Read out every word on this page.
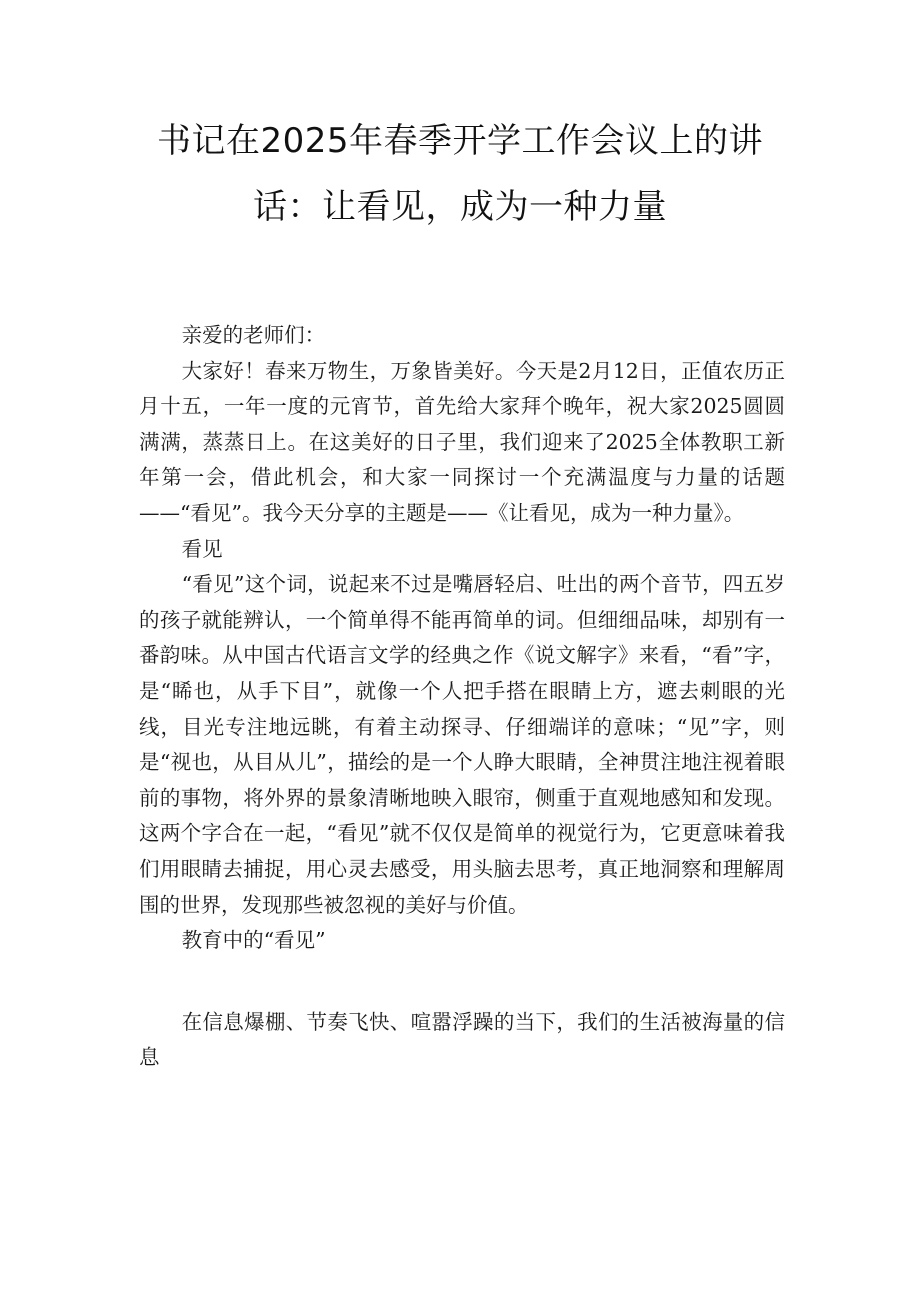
书记在2025年春季开学工作会议上的讲
话：让看见，成为一种力量

亲爱的老师们：

大家好！春来万物生，万象皆美好。今天是2月12日，正值农历正月十五，一年一度的元宵节，首先给大家拜个晚年，祝大家2025圆圆满满，蒸蒸日上。在这美好的日子里，我们迎来了2025全体教职工新年第一会，借此机会，和大家一同探讨一个充满温度与力量的话题——“看见”。我今天分享的主题是——《让看见，成为一种力量》。

看见

“看见”这个词，说起来不过是嘴唇轻启、吐出的两个音节，四五岁的孩子就能辨认，一个简单得不能再简单的词。但细细品味，却别有一番韵味。从中国古代语言文学的经典之作《说文解字》来看，“看”字，是“睎也，从手下目”，就像一个人把手搭在眼睛上方，遮去刺眼的光线，目光专注地远眺，有着主动探寻、仔细端详的意味；“见”字，则是“视也，从目从儿”，描绘的是一个人睁大眼睛，全神贯注地注视着眼前的事物，将外界的景象清晰地映入眼帘，侧重于直观地感知和发现。这两个字合在一起，“看见”就不仅仅是简单的视觉行为，它更意味着我们用眼睛去捕捉，用心灵去感受，用头脑去思考，真正地洞察和理解周围的世界，发现那些被忽视的美好与价值。

教育中的“看见”

在信息爆棚、节奏飞快、喧嚣浮躁的当下，我们的生活被海量的信息
